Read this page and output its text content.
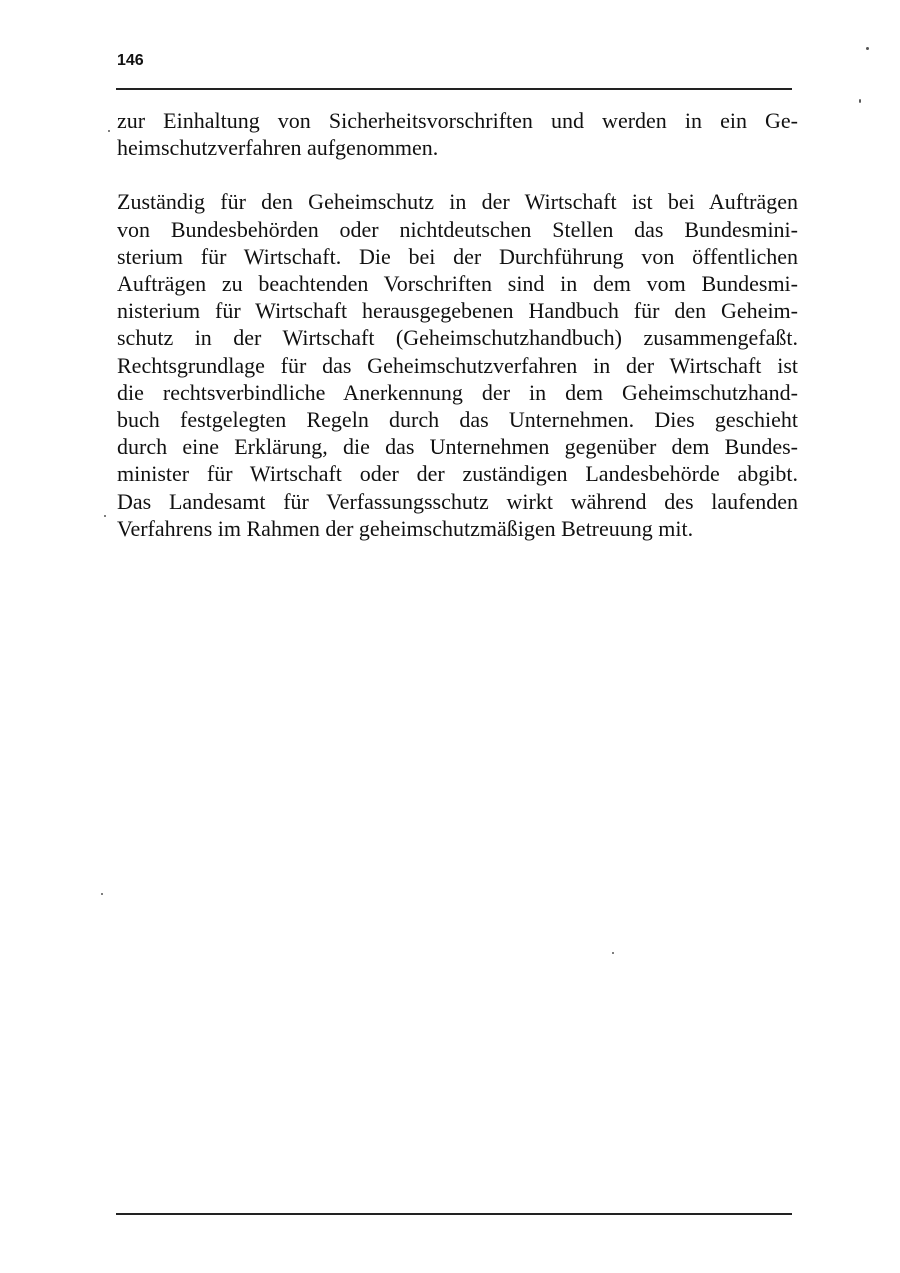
146

zur Einhaltung von Sicherheitsvorschriften und werden in ein Ge-
heimschutzverfahren aufgenommen.

Zuständig für den Geheimschutz in der Wirtschaft ist bei Aufträgen
von Bundesbehörden oder nichtdeutschen Stellen das Bundesmini-
sterium für Wirtschaft. Die bei der Durchführung von öffentlichen
Aufträgen zu beachtenden Vorschriften sind in dem vom Bundesmi-
nisterium für Wirtschaft herausgegebenen Handbuch für den Geheim-
schutz in der Wirtschaft (Geheimschutzhandbuch) zusammengefaßt.
Rechtsgrundlage für das Geheimschutzverfahren in der Wirtschaft ist
die rechtsverbindliche Anerkennung der in dem Geheimschutzhand-
buch festgelegten Regeln durch das Unternehmen. Dies geschieht
durch eine Erklärung, die das Unternehmen gegenüber dem Bundes-
minister für Wirtschaft oder der zuständigen Landesbehörde abgibt.
Das Landesamt für Verfassungsschutz wirkt während des laufenden
Verfahrens im Rahmen der geheimschutzmäßigen Betreuung mit.
